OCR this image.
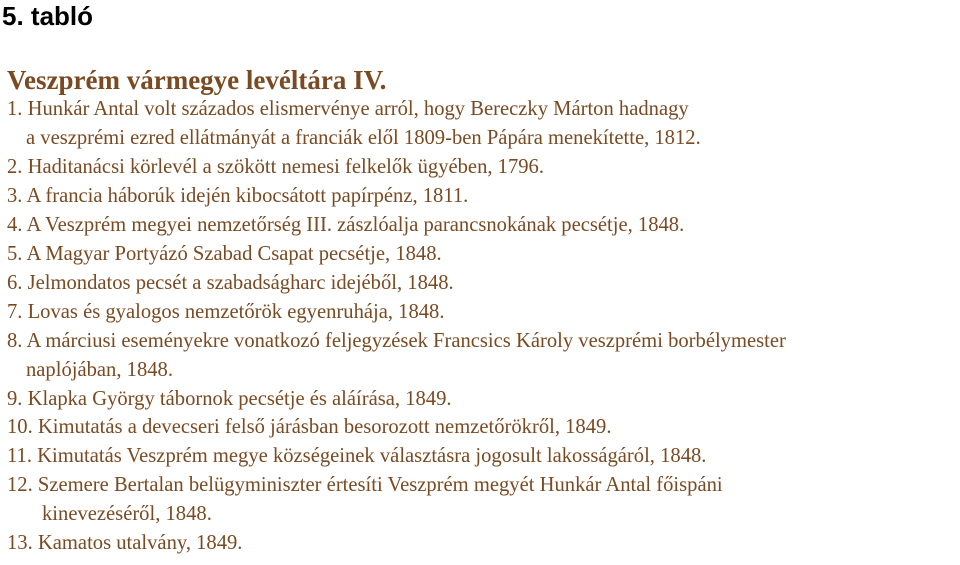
5. tabló
Veszprém vármegye levéltára IV.
1. Hunkár Antal volt százados elismervénye arról, hogy Bereczky Márton hadnagy
a veszprémi ezred ellátmányát a franciák elől 1809-ben Pápára menekítette, 1812.
2. Haditanácsi körlevél a szökött nemesi felkelők ügyében, 1796.
3. A francia háborúk idején kibocsátott papírpénz, 1811.
4. A Veszprém megyei nemzetőrség III. zászlóalja parancsnokának pecsétje, 1848.
5. A Magyar Portyázó Szabad Csapat pecsétje, 1848.
6. Jelmondatos pecsét a szabadságharc idejéből, 1848.
7. Lovas és gyalogos nemzetőrök egyenruhája, 1848.
8. A márciusi eseményekre vonatkozó feljegyzések Francsics Károly veszprémi borbélymester
naplójában, 1848.
9. Klapka György tábornok pecsétje és aláírása, 1849.
10. Kimutatás a devecseri felső járásban besorozott nemzetőrökről, 1849.
11. Kimutatás Veszprém megye községeinek választásra jogosult lakosságáról, 1848.
12. Szemere Bertalan belügyminiszter értesíti Veszprém megyét Hunkár Antal főispáni
kinevezéséről, 1848.
13. Kamatos utalvány, 1849.
